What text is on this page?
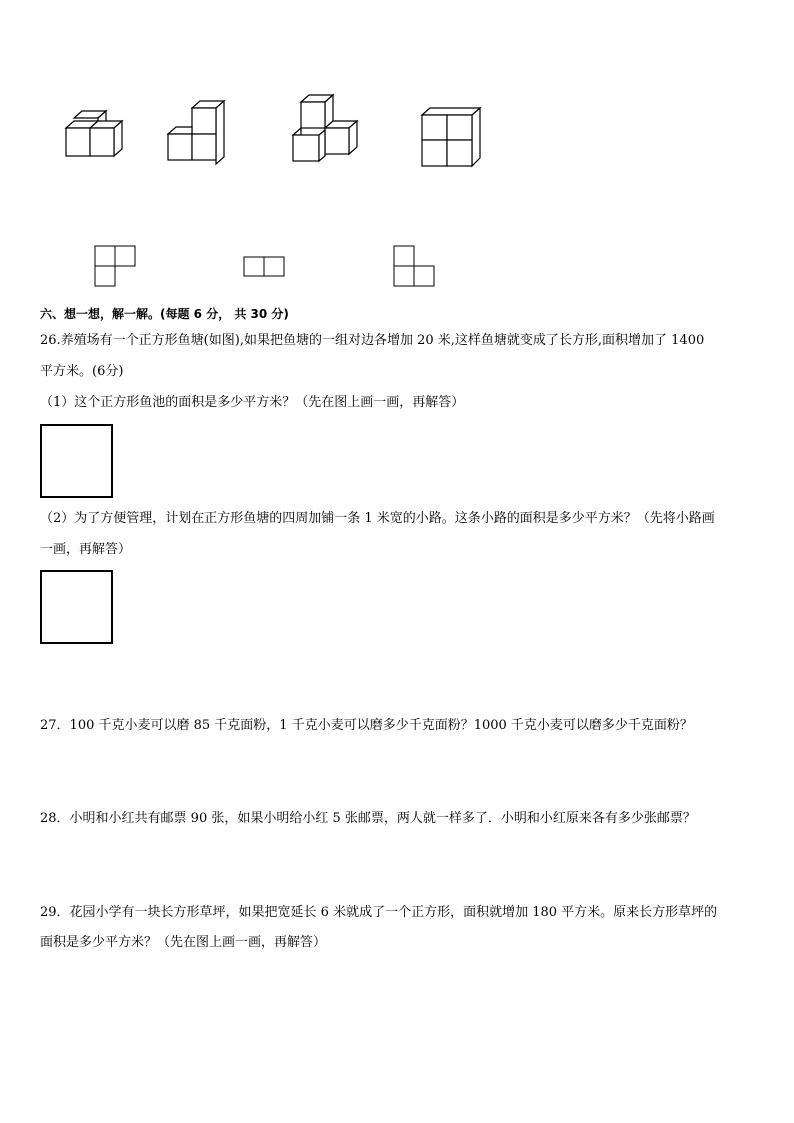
六、想一想，解一解。(每题 6 分， 共 30 分)
26.养殖场有一个正方形鱼塘(如图),如果把鱼塘的一组对边各增加 20 米,这样鱼塘就变成了长方形,面积增加了 1400
平方米。(6分)
（1）这个正方形鱼池的面积是多少平方米？（先在图上画一画，再解答）
（2）为了方便管理，计划在正方形鱼塘的四周加铺一条 1 米宽的小路。这条小路的面积是多少平方米？（先将小路画
一画，再解答）
27．100 千克小麦可以磨 85 千克面粉，1 千克小麦可以磨多少千克面粉？1000 千克小麦可以磨多少千克面粉？
28．小明和小红共有邮票 90 张，如果小明给小红 5 张邮票，两人就一样多了．小明和小红原来各有多少张邮票？
29．花园小学有一块长方形草坪，如果把宽延长 6 米就成了一个正方形，面积就增加 180 平方米。原来长方形草坪的
面积是多少平方米？（先在图上画一画，再解答）
